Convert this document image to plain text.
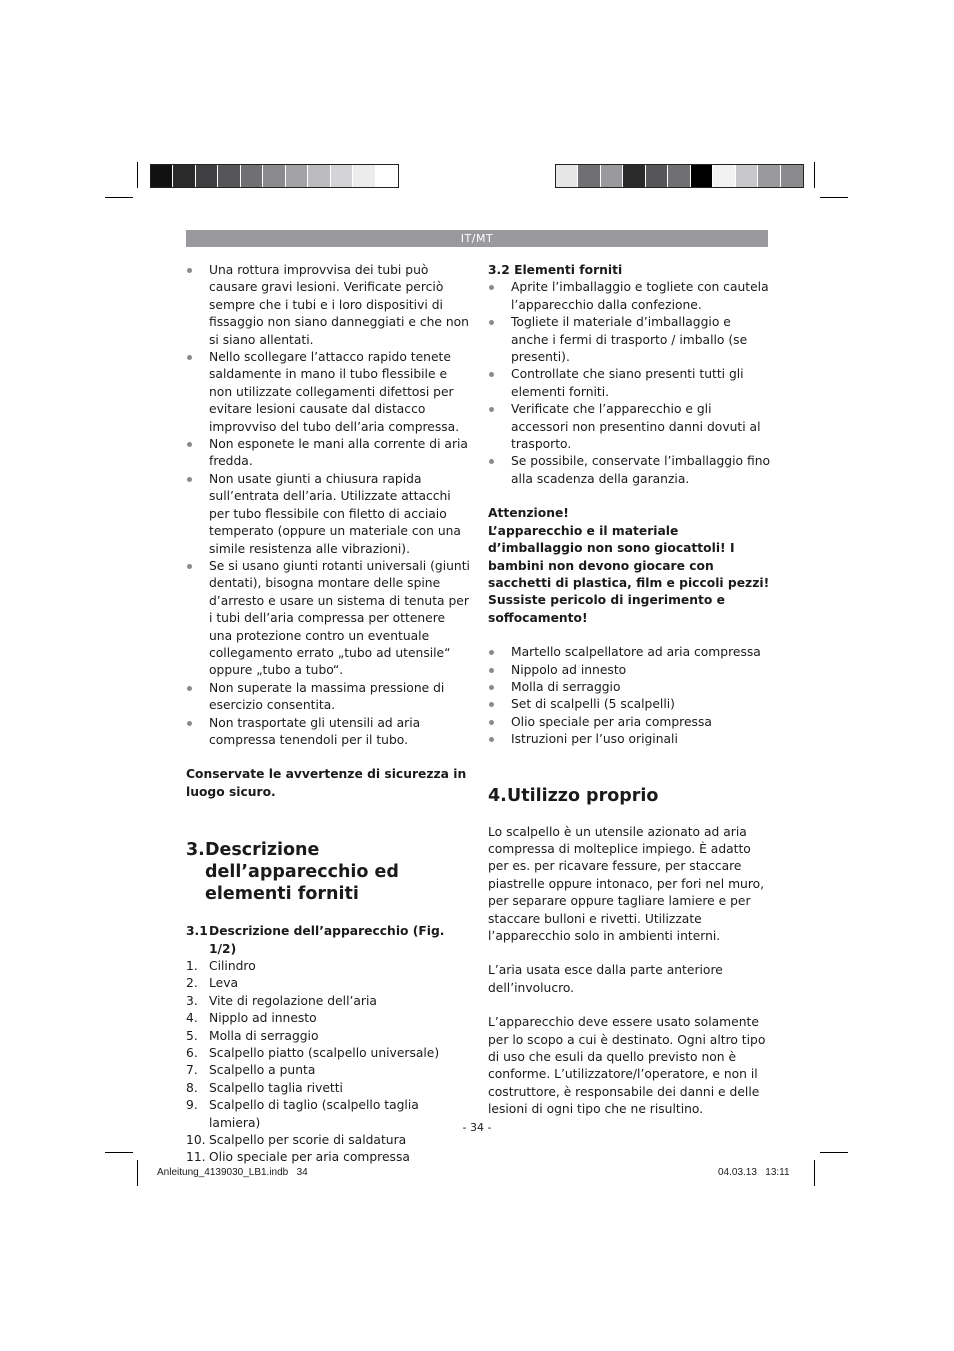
IT/MT
Una rottura improvvisa dei tubi può causare gravi lesioni. Verificate perciò sempre che i tubi e i loro dispositivi di fissaggio non siano danneggiati e che non si siano allentati.
Nello scollegare l’attacco rapido tenete saldamente in mano il tubo flessibile e non utilizzate collegamenti difettosi per evitare lesioni causate dal distacco improvviso del tubo dell’aria compressa.
Non esponete le mani alla corrente di aria fredda.
Non usate giunti a chiusura rapida sull’entrata dell’aria. Utilizzate attacchi per tubo flessibile con filetto di acciaio temperato (oppure un materiale con una simile resistenza alle vibrazioni).
Se si usano giunti rotanti universali (giunti dentati), bisogna montare delle spine d’arresto e usare un sistema di tenuta per i tubi dell’aria compressa per ottenere una protezione contro un eventuale collegamento errato „tubo ad utensile“ oppure „tubo a tubo“.
Non superate la massima pressione di esercizio consentita.
Non trasportate gli utensili ad aria compressa tenendoli per il tubo.

Conservate le avvertenze di sicurezza in luogo sicuro.

3. Descrizione dell’apparecchio ed elementi forniti
3.1 Descrizione dell’apparecchio (Fig. 1/2)
1. Cilindro
2. Leva
3. Vite di regolazione dell’aria
4. Nipplo ad innesto
5. Molla di serraggio
6. Scalpello piatto (scalpello universale)
7. Scalpello a punta
8. Scalpello taglia rivetti
9. Scalpello di taglio (scalpello taglia lamiera)
10. Scalpello per scorie di saldatura
11. Olio speciale per aria compressa

3.2 Elementi forniti

Aprite l’imballaggio e togliete con cautela l’apparecchio dalla confezione.
Togliete il materiale d’imballaggio e anche i fermi di trasporto / imballo (se presenti).
Controllate che siano presenti tutti gli elementi forniti.
Verificate che l’apparecchio e gli accessori non presentino danni dovuti al trasporto.
Se possibile, conservate l’imballaggio fino alla scadenza della garanzia.

Attenzione!

L’apparecchio e il materiale d’imballaggio non sono giocattoli! I bambini non devono giocare con sacchetti di plastica, film e piccoli pezzi! Sussiste pericolo di ingerimento e soffocamento!

Martello scalpellatore ad aria compressa
Nippolo ad innesto
Molla di serraggio
Set di scalpelli (5 scalpelli)
Olio speciale per aria compressa
Istruzioni per l’uso originali
4. Utilizzo proprio

Lo scalpello è un utensile azionato ad aria compressa di molteplice impiego. È adatto per es. per ricavare fessure, per staccare piastrelle oppure intonaco, per fori nel muro, per separare oppure tagliare lamiere e per staccare bulloni e rivetti. Utilizzate l’apparecchio solo in ambienti interni.

L’aria usata esce dalla parte anteriore dell’involucro.

L’apparecchio deve essere usato solamente per lo scopo a cui è destinato. Ogni altro tipo di uso che esuli da quello previsto non è conforme. L’utilizzatore/l’operatore, e non il costruttore, è responsabile dei danni e delle lesioni di ogni tipo che ne risultino.

- 34 -
Anleitung_4139030_LB1.indb   34	04.03.13   13:11
